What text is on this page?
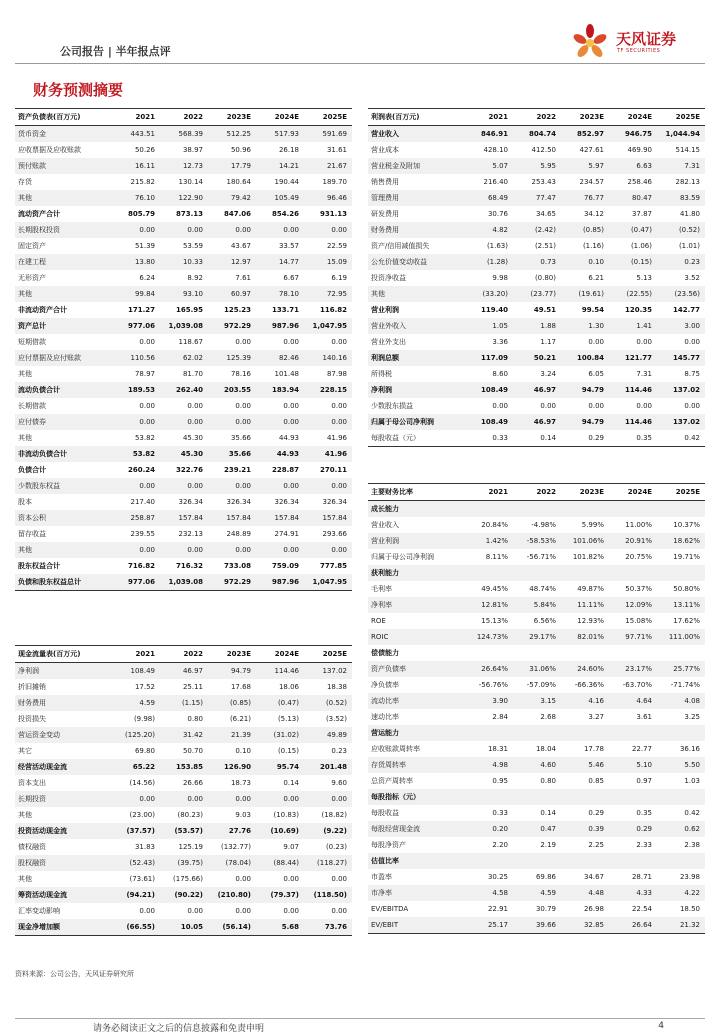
公司报告 | 半年报点评
天风证券
TF SECURITIES
财务预测摘要
资产负债表(百万元)	2021	2022	2023E	2024E	2025E
货币资金	443.51	568.39	512.25	517.93	591.69
应收票据及应收账款	50.26	38.97	50.96	26.18	31.61
预付账款	16.11	12.73	17.79	14.21	21.67
存货	215.82	130.14	180.64	190.44	189.70
其他	76.10	122.90	79.42	105.49	96.46
流动资产合计	805.79	873.13	847.06	854.26	931.13
长期股权投资	0.00	0.00	0.00	0.00	0.00
固定资产	51.39	53.59	43.67	33.57	22.59
在建工程	13.80	10.33	12.97	14.77	15.09
无形资产	6.24	8.92	7.61	6.67	6.19
其他	99.84	93.10	60.97	78.10	72.95
非流动资产合计	171.27	165.95	125.23	133.71	116.82
资产总计	977.06	1,039.08	972.29	987.96	1,047.95
短期借款	0.00	118.67	0.00	0.00	0.00
应付票据及应付账款	110.56	62.02	125.39	82.46	140.16
其他	78.97	81.70	78.16	101.48	87.98
流动负债合计	189.53	262.40	203.55	183.94	228.15
长期借款	0.00	0.00	0.00	0.00	0.00
应付债券	0.00	0.00	0.00	0.00	0.00
其他	53.82	45.30	35.66	44.93	41.96
非流动负债合计	53.82	45.30	35.66	44.93	41.96
负债合计	260.24	322.76	239.21	228.87	270.11
少数股东权益	0.00	0.00	0.00	0.00	0.00
股本	217.40	326.34	326.34	326.34	326.34
资本公积	258.87	157.84	157.84	157.84	157.84
留存收益	239.55	232.13	248.89	274.91	293.66
其他	0.00	0.00	0.00	0.00	0.00
股东权益合计	716.82	716.32	733.08	759.09	777.85
负债和股东权益总计	977.06	1,039.08	972.29	987.96	1,047.95
利润表(百万元)	2021	2022	2023E	2024E	2025E
营业收入	846.91	804.74	852.97	946.75	1,044.94
营业成本	428.10	412.50	427.61	469.90	514.15
营业税金及附加	5.07	5.95	5.97	6.63	7.31
销售费用	216.40	253.43	234.57	258.46	282.13
管理费用	68.49	77.47	76.77	80.47	83.59
研发费用	30.76	34.65	34.12	37.87	41.80
财务费用	4.82	(2.42)	(0.85)	(0.47)	(0.52)
资产/信用减值损失	(1.63)	(2.51)	(1.16)	(1.06)	(1.01)
公允价值变动收益	(1.28)	0.73	0.10	(0.15)	0.23
投资净收益	9.98	(0.80)	6.21	5.13	3.52
其他	(33.20)	(23.77)	(19.61)	(22.55)	(23.56)
营业利润	119.40	49.51	99.54	120.35	142.77
营业外收入	1.05	1.88	1.30	1.41	3.00
营业外支出	3.36	1.17	0.00	0.00	0.00
利润总额	117.09	50.21	100.84	121.77	145.77
所得税	8.60	3.24	6.05	7.31	8.75
净利润	108.49	46.97	94.79	114.46	137.02
少数股东损益	0.00	0.00	0.00	0.00	0.00
归属于母公司净利润	108.49	46.97	94.79	114.46	137.02
每股收益（元）	0.33	0.14	0.29	0.35	0.42
主要财务比率	2021	2022	2023E	2024E	2025E
成长能力
营业收入	20.84%	-4.98%	5.99%	11.00%	10.37%
营业利润	1.42%	-58.53%	101.06%	20.91%	18.62%
归属于母公司净利润	8.11%	-56.71%	101.82%	20.75%	19.71%
获利能力
毛利率	49.45%	48.74%	49.87%	50.37%	50.80%
净利率	12.81%	5.84%	11.11%	12.09%	13.11%
ROE	15.13%	6.56%	12.93%	15.08%	17.62%
ROIC	124.73%	29.17%	82.01%	97.71%	111.00%
偿债能力
资产负债率	26.64%	31.06%	24.60%	23.17%	25.77%
净负债率	-56.76%	-57.09%	-66.36%	-63.70%	-71.74%
流动比率	3.90	3.15	4.16	4.64	4.08
速动比率	2.84	2.68	3.27	3.61	3.25
营运能力
应收账款周转率	18.31	18.04	17.78	22.77	36.16
存货周转率	4.98	4.60	5.46	5.10	5.50
总资产周转率	0.95	0.80	0.85	0.97	1.03
每股指标（元）
每股收益	0.33	0.14	0.29	0.35	0.42
每股经营现金流	0.20	0.47	0.39	0.29	0.62
每股净资产	2.20	2.19	2.25	2.33	2.38
估值比率
市盈率	30.25	69.86	34.67	28.71	23.98
市净率	4.58	4.59	4.48	4.33	4.22
EV/EBITDA	22.91	30.79	26.98	22.54	18.50
EV/EBIT	25.17	39.66	32.85	26.64	21.32
现金流量表(百万元)	2021	2022	2023E	2024E	2025E
净利润	108.49	46.97	94.79	114.46	137.02
折旧摊销	17.52	25.11	17.68	18.06	18.38
财务费用	4.59	(1.15)	(0.85)	(0.47)	(0.52)
投资损失	(9.98)	0.80	(6.21)	(5.13)	(3.52)
营运资金变动	(125.20)	31.42	21.39	(31.02)	49.89
其它	69.80	50.70	0.10	(0.15)	0.23
经营活动现金流	65.22	153.85	126.90	95.74	201.48
资本支出	(14.56)	26.66	18.73	0.14	9.60
长期投资	0.00	0.00	0.00	0.00	0.00
其他	(23.00)	(80.23)	9.03	(10.83)	(18.82)
投资活动现金流	(37.57)	(53.57)	27.76	(10.69)	(9.22)
债权融资	31.83	125.19	(132.77)	9.07	(0.23)
股权融资	(52.43)	(39.75)	(78.04)	(88.44)	(118.27)
其他	(73.61)	(175.66)	0.00	0.00	0.00
筹资活动现金流	(94.21)	(90.22)	(210.80)	(79.37)	(118.50)
汇率变动影响	0.00	0.00	0.00	0.00	0.00
现金净增加额	(66.55)	10.05	(56.14)	5.68	73.76
资料来源：公司公告，天风证券研究所
请务必阅读正文之后的信息披露和免责申明	4
